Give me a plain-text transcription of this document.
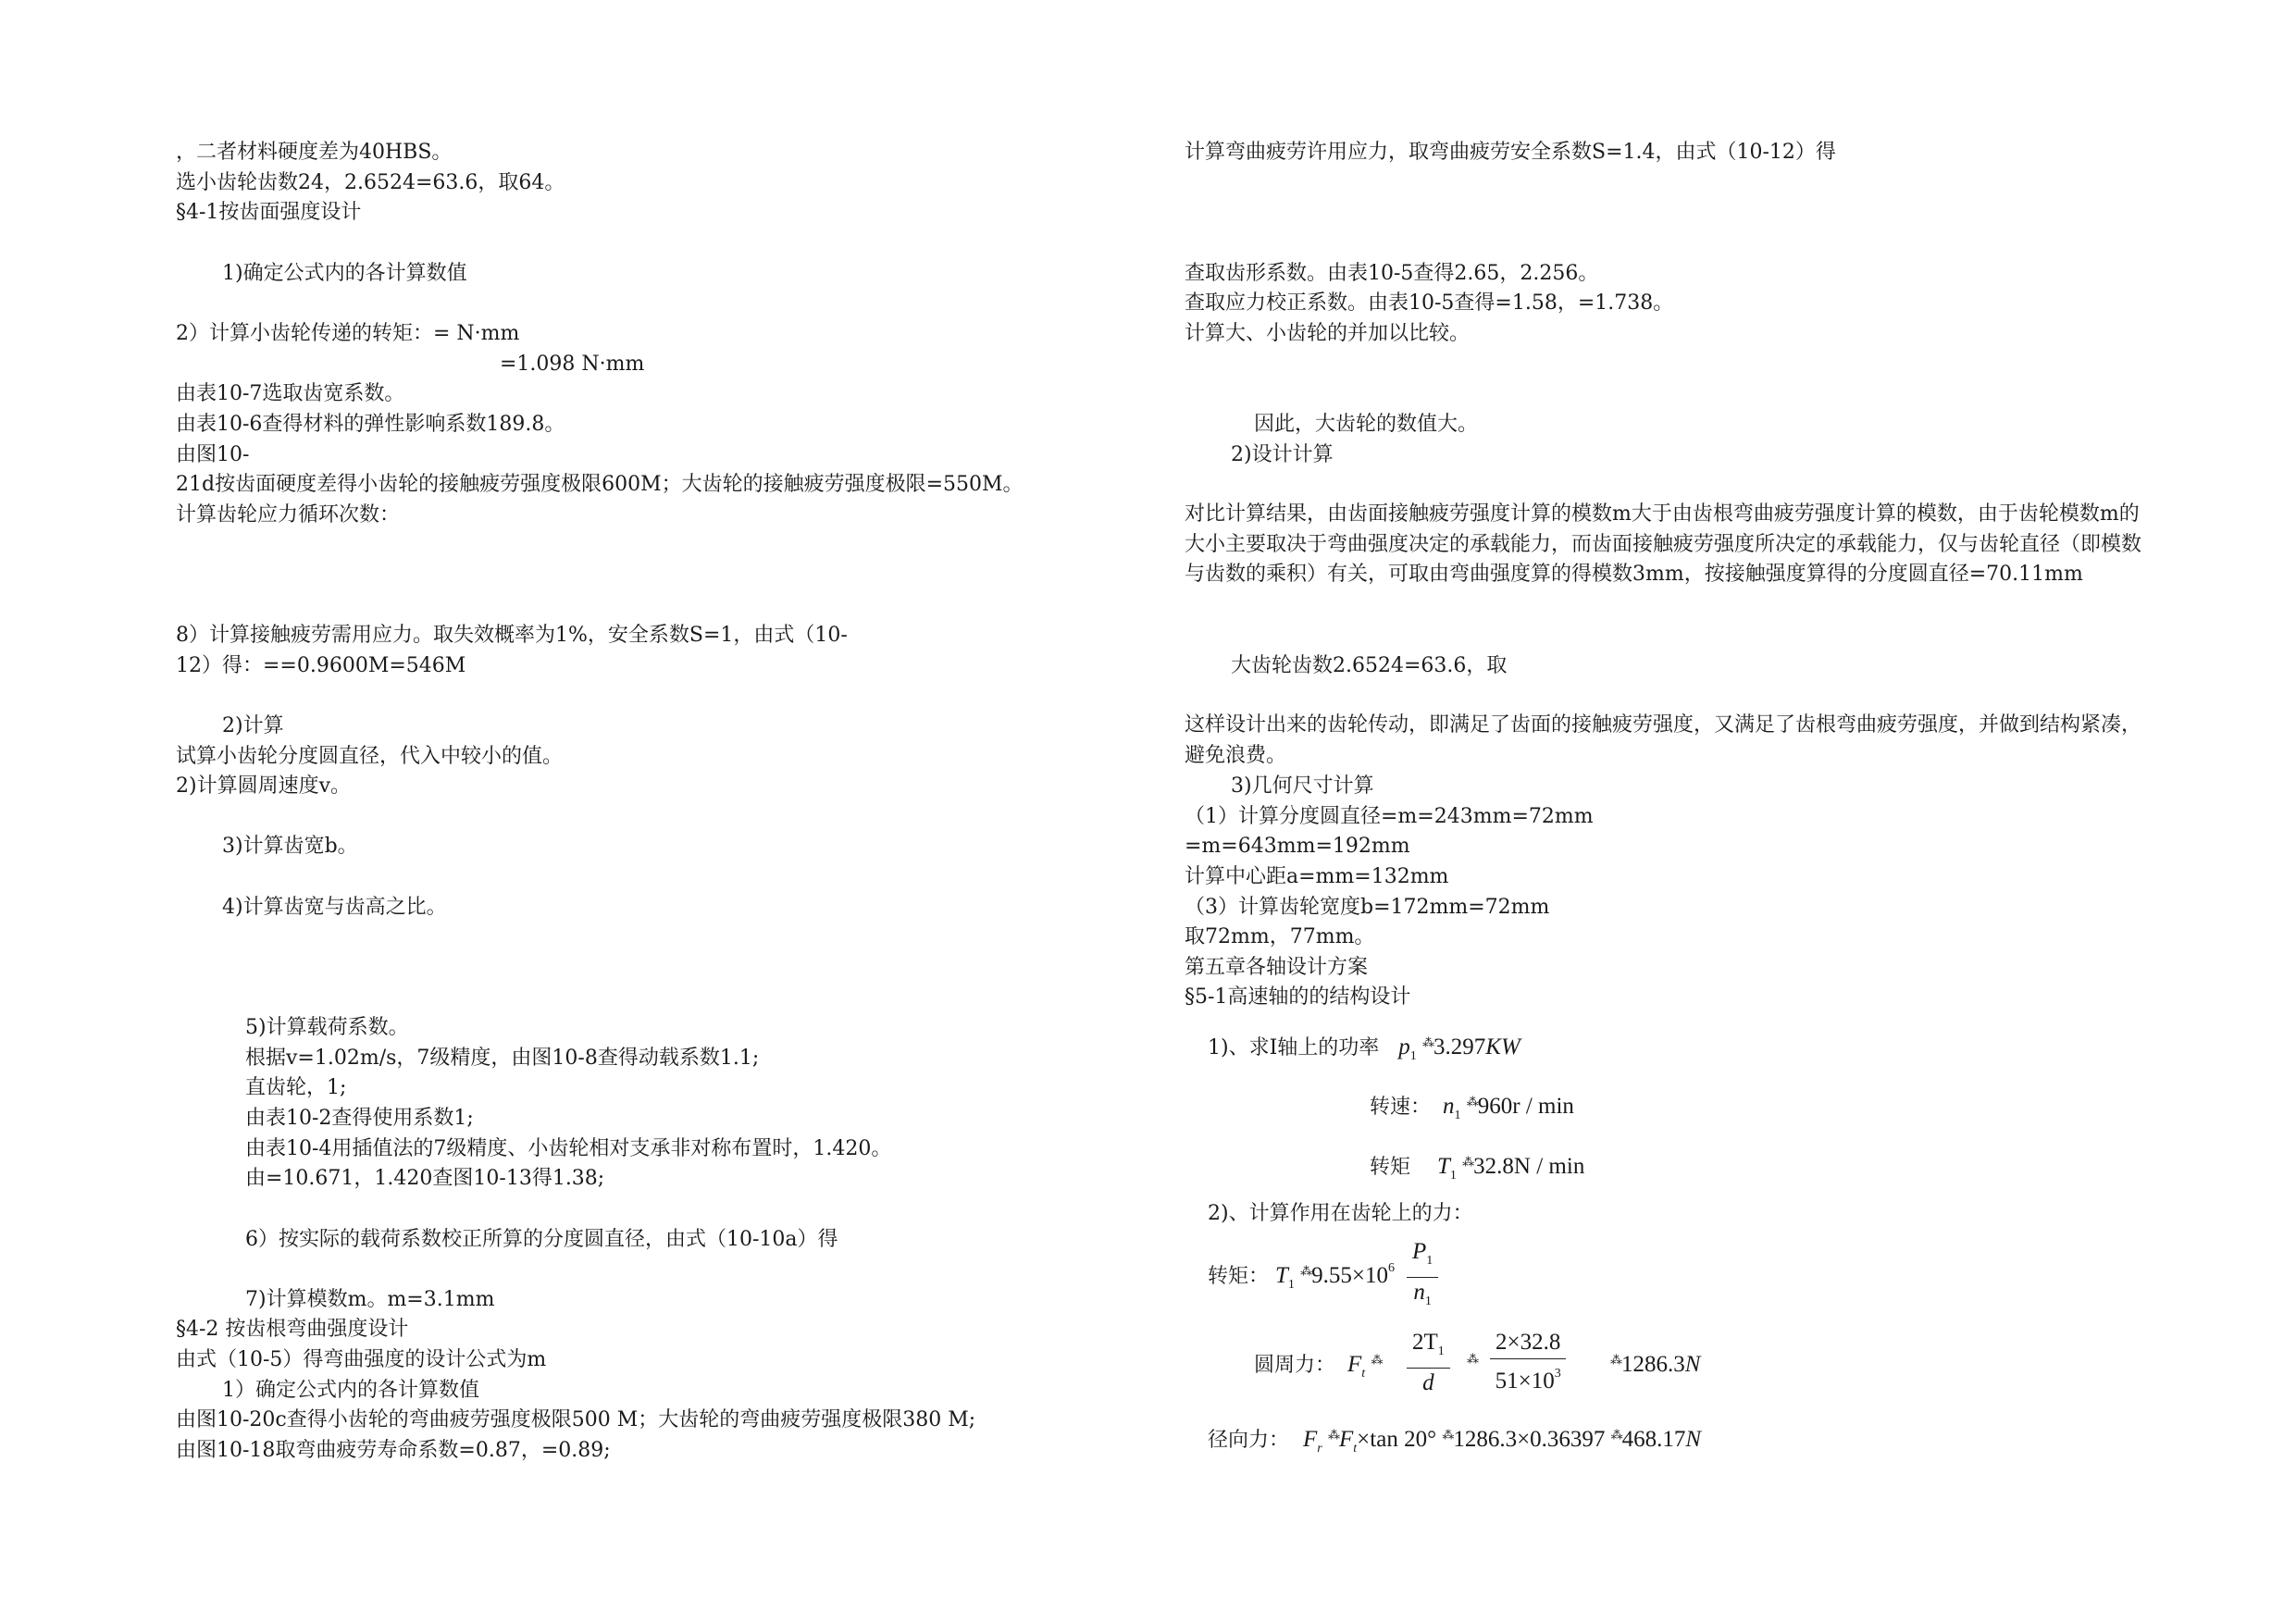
，二者材料硬度差为40HBS。
选小齿轮齿数24，2.6524=63.6，取64。
§4-1按齿面强度设计
1)确定公式内的各计算数值
2）计算小齿轮传递的转矩：= N·mm
=1.098 N·mm
由表10-7选取齿宽系数。
由表10-6查得材料的弹性影响系数189.8。
由图10-
21d按齿面硬度差得小齿轮的接触疲劳强度极限600M；大齿轮的接触疲劳强度极限=550M。
计算齿轮应力循环次数：
8）计算接触疲劳需用应力。取失效概率为1%，安全系数S=1，由式（10-
12）得：==0.9600M=546M
2)计算
试算小齿轮分度圆直径，代入中较小的值。
2)计算圆周速度v。
3)计算齿宽b。
4)计算齿宽与齿高之比。
5)计算载荷系数。
根据v=1.02m/s，7级精度，由图10-8查得动载系数1.1;
直齿轮，1;
由表10-2查得使用系数1;
由表10-4用插值法的7级精度、小齿轮相对支承非对称布置时，1.420。
由=10.671，1.420查图10-13得1.38;
6）按实际的载荷系数校正所算的分度圆直径，由式（10-10a）得
7)计算模数m。m=3.1mm
§4-2 按齿根弯曲强度设计
由式（10-5）得弯曲强度的设计公式为m
1）确定公式内的各计算数值
由图10-20c查得小齿轮的弯曲疲劳强度极限500 M；大齿轮的弯曲疲劳强度极限380 M;
由图10-18取弯曲疲劳寿命系数=0.87，=0.89;
计算弯曲疲劳许用应力，取弯曲疲劳安全系数S=1.4，由式（10-12）得
查取齿形系数。由表10-5查得2.65，2.256。
查取应力校正系数。由表10-5查得=1.58，=1.738。
计算大、小齿轮的并加以比较。
因此，大齿轮的数值大。
2)设计计算
对比计算结果，由齿面接触疲劳强度计算的模数m大于由齿根弯曲疲劳强度计算的模数，由于齿轮模数m的大小主要取决于弯曲强度决定的承载能力，而齿面接触疲劳强度所决定的承载能力，仅与齿轮直径（即模数与齿数的乘积）有关，可取由弯曲强度算的得模数3mm，按接触强度算得的分度圆直径=70.11mm
大齿轮齿数2.6524=63.6，取
这样设计出来的齿轮传动，即满足了齿面的接触疲劳强度，又满足了齿根弯曲疲劳强度，并做到结构紧凑，避免浪费。
3)几何尺寸计算
（1）计算分度圆直径=m=243mm=72mm
=m=643mm=192mm
计算中心距a=mm=132mm
（3）计算齿轮宽度b=172mm=72mm
取72mm，77mm。
第五章各轴设计方案
§5-1高速轴的的结构设计
1)、求Ⅰ轴上的功率 $p_1$ ⁂3.297KW
转速： $n_1$ ⁂960r / min
转矩 $T_1$ ⁂32.8N / min
2)、计算作用在齿轮上的力：
转矩： $T_1$ $^⁂9.55\times 10^6 \frac{P_1}{n_1}$
圆周力： $F_t$ $^⁂ \frac{2T_1}{d} ^⁂ \frac{2\times 32.8}{51\times 10^3}$	⁂1286.3N
径向力： $F_r$ $^⁂F_t\times\tan$ 20° ⁂1286.3×0.36397 ⁂468.17N
